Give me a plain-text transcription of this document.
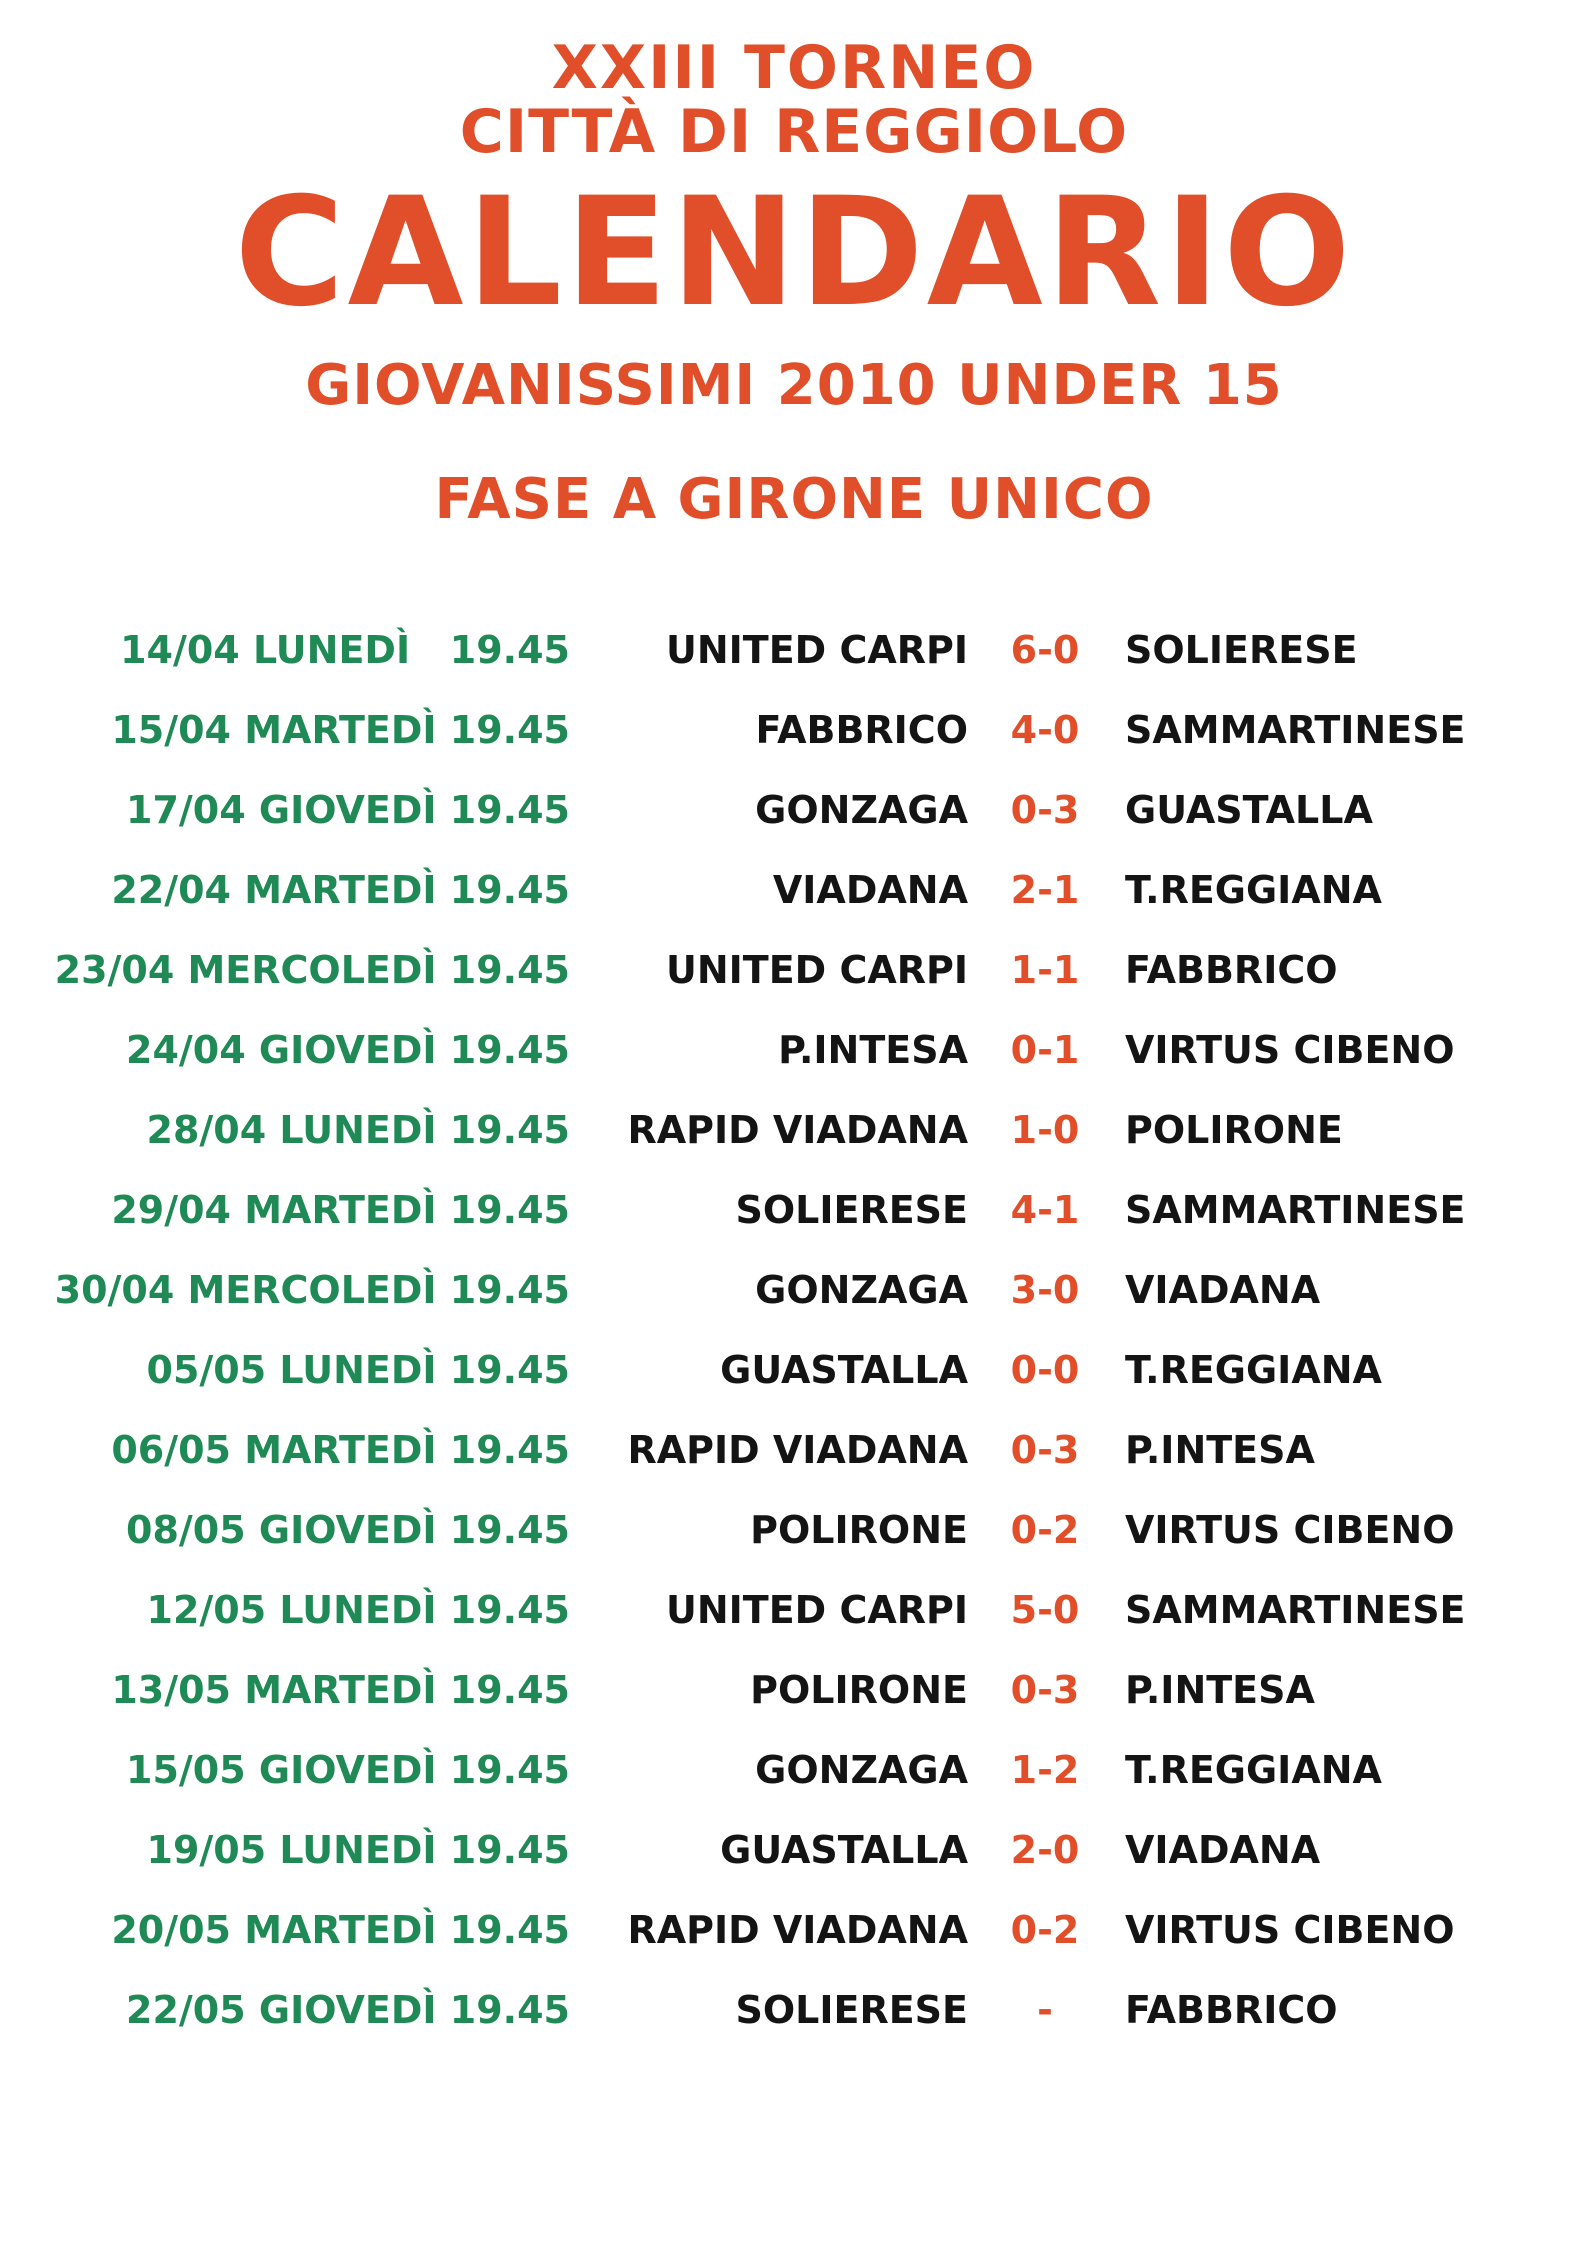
XXIII TORNEO
CITTÀ DI REGGIOLO
CALENDARIO
GIOVANISSIMI 2010 UNDER 15
FASE A GIRONE UNICO
14/04 LUNEDÌ   19.45	UNITED CARPI	6-0	SOLIERESE
15/04 MARTEDÌ 19.45	FABBRICO	4-0	SAMMARTINESE
17/04 GIOVEDÌ 19.45	GONZAGA	0-3	GUASTALLA
22/04 MARTEDÌ 19.45	VIADANA	2-1	T.REGGIANA
23/04 MERCOLEDÌ 19.45	UNITED CARPI	1-1	FABBRICO
24/04 GIOVEDÌ 19.45	P.INTESA	0-1	VIRTUS CIBENO
28/04 LUNEDÌ 19.45	RAPID VIADANA	1-0	POLIRONE
29/04 MARTEDÌ 19.45	SOLIERESE	4-1	SAMMARTINESE
30/04 MERCOLEDÌ 19.45	GONZAGA	3-0	VIADANA
05/05 LUNEDÌ 19.45	GUASTALLA	0-0	T.REGGIANA
06/05 MARTEDÌ 19.45	RAPID VIADANA	0-3	P.INTESA
08/05 GIOVEDÌ 19.45	POLIRONE	0-2	VIRTUS CIBENO
12/05 LUNEDÌ 19.45	UNITED CARPI	5-0	SAMMARTINESE
13/05 MARTEDÌ 19.45	POLIRONE	0-3	P.INTESA
15/05 GIOVEDÌ 19.45	GONZAGA	1-2	T.REGGIANA
19/05 LUNEDÌ 19.45	GUASTALLA	2-0	VIADANA
20/05 MARTEDÌ 19.45	RAPID VIADANA	0-2	VIRTUS CIBENO
22/05 GIOVEDÌ 19.45	SOLIERESE	-	FABBRICO
